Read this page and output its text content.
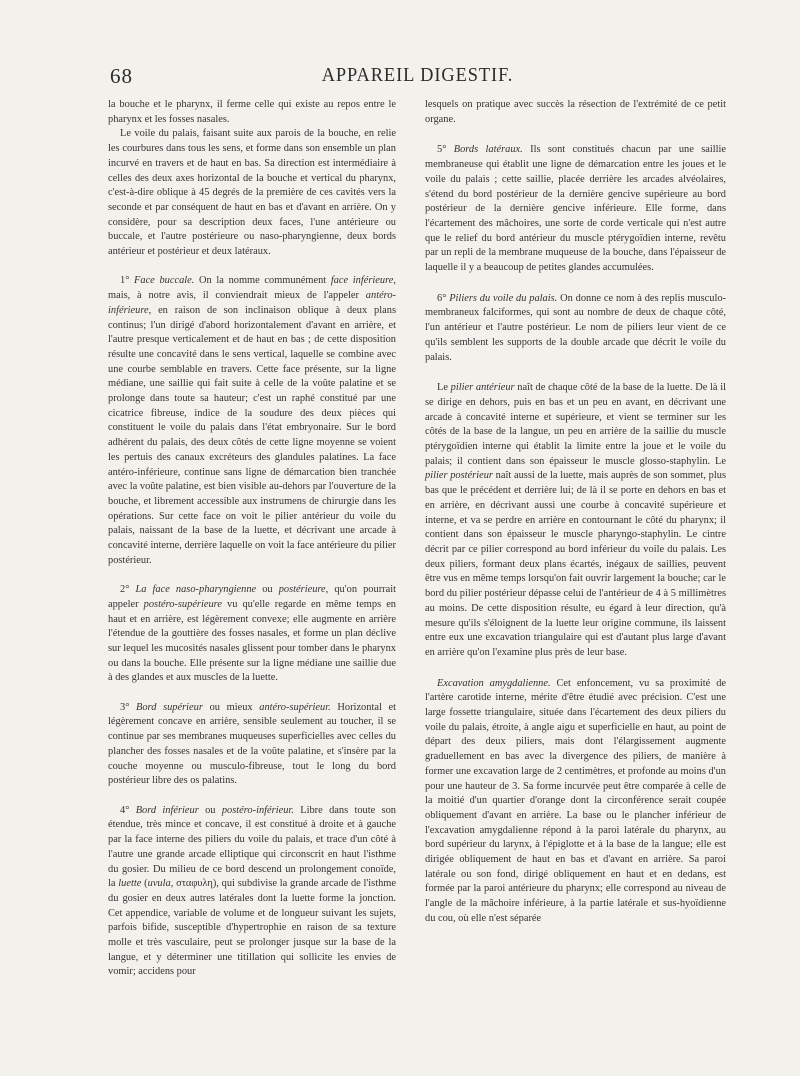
68	APPAREIL DIGESTIF.

la bouche et le pharynx, il ferme celle qui existe au repos entre le pharynx et les fosses nasales.

Le voile du palais, faisant suite aux parois de la bouche, en relie les courbures dans tous les sens, et forme dans son ensemble un plan incurvé en travers et de haut en bas. Sa direction est intermédiaire à celles des deux axes horizontal de la bouche et vertical du pharynx, c'est-à-dire oblique à 45 degrés de la première de ces cavités vers la seconde et par conséquent de haut en bas et d'avant en arrière. On y considère, pour sa description deux faces, l'une antérieure ou buccale, et l'autre postérieure ou naso-pharyngienne, deux bords antérieur et postérieur et deux latéraux.

1° Face buccale. On la nomme communément face inférieure, mais, à notre avis, il conviendrait mieux de l'appeler antéro-inférieure, en raison de son inclinaison oblique à deux plans continus; l'un dirigé d'abord horizontalement d'avant en arrière, et l'autre presque verticalement et de haut en bas ; de cette disposition résulte une concavité dans le sens vertical, laquelle se combine avec une courbe semblable en travers. Cette face présente, sur la ligne médiane, une saillie qui fait suite à celle de la voûte palatine et se prolonge dans toute sa hauteur; c'est un raphé constitué par une cicatrice fibreuse, indice de la soudure des deux pièces qui constituent le voile du palais dans l'état embryonaire. Sur le bord adhérent du palais, des deux côtés de cette ligne moyenne se voient les pertuis des canaux excréteurs des glandules palatines. La face antéro-inférieure, continue sans ligne de démarcation bien tranchée avec la voûte palatine, est bien visible au-dehors par l'ouverture de la bouche, et librement accessible aux instrumens de chirurgie dans les opérations. Sur cette face on voit le pilier antérieur du voile du palais, naissant de la base de la luette, et décrivant une arcade à concavité interne, derrière laquelle on voit la face antérieure du pilier postérieur.

2° La face naso-pharyngienne ou postérieure, qu'on pourrait appeler postéro-supérieure vu qu'elle regarde en même temps en haut et en arrière, est légèrement convexe; elle augmente en arrière l'étendue de la gouttière des fosses nasales, et forme un plan déclive sur lequel les mucosités nasales glissent pour tomber dans le pharynx ou dans la bouche. Elle présente sur la ligne médiane une saillie due à des glandes et aux muscles de la luette.

3° Bord supérieur ou mieux antéro-supérieur. Horizontal et légèrement concave en arrière, sensible seulement au toucher, il se continue par ses membranes muqueuses superficielles avec celles du plancher des fosses nasales et de la voûte palatine, et s'insère par la couche moyenne ou musculo-fibreuse, tout le long du bord postérieur libre des os palatins.

4° Bord inférieur ou postéro-inférieur. Libre dans toute son étendue, très mince et concave, il est constitué à droite et à gauche par la face interne des piliers du voile du palais, et trace d'un côté à l'autre une grande arcade elliptique qui circonscrit en haut l'isthme du gosier. Du milieu de ce bord descend un prolongement conoïde, la luette (uvula, σταφυλη), qui subdivise la grande arcade de l'isthme du gosier en deux autres latérales dont la luette forme la jonction. Cet appendice, variable de volume et de longueur suivant les sujets, parfois bifide, susceptible d'hypertrophie en raison de sa texture molle et très vasculaire, peut se prolonger jusque sur la base de la langue, et y déterminer une titillation qui sollicite les envies de vomir; accidens pour

lesquels on pratique avec succès la résection de l'extrémité de ce petit organe.

5° Bords latéraux. Ils sont constitués chacun par une saillie membraneuse qui établit une ligne de démarcation entre les joues et le voile du palais ; cette saillie, placée derrière les arcades alvéolaires, s'étend du bord postérieur de la dernière gencive supérieure au bord postérieur de la dernière gencive inférieure. Elle forme, dans l'écartement des mâchoires, une sorte de corde verticale qui n'est autre que le relief du bord antérieur du muscle ptérygoïdien interne, revêtu par un repli de la membrane muqueuse de la bouche, dans l'épaisseur de laquelle il y a beaucoup de petites glandes accumulées.

6° Piliers du voile du palais. On donne ce nom à des replis musculo-membraneux falciformes, qui sont au nombre de deux de chaque côté, l'un antérieur et l'autre postérieur. Le nom de piliers leur vient de ce qu'ils semblent les supports de la double arcade que décrit le voile du palais.

Le pilier antérieur naît de chaque côté de la base de la luette. De là il se dirige en dehors, puis en bas et un peu en avant, en décrivant une arcade à concavité interne et supérieure, et vient se terminer sur les côtés de la base de la langue, un peu en arrière de la saillie du muscle ptérygoïdien interne qui établit la limite entre la joue et le voile du palais; il contient dans son épaisseur le muscle glosso-staphylin. Le pilier postérieur naît aussi de la luette, mais auprès de son sommet, plus bas que le précédent et derrière lui; de là il se porte en dehors en bas et en arrière, en décrivant aussi une courbe à concavité supérieure et interne, et va se perdre en arrière en contournant le côté du pharynx; il contient dans son épaisseur le muscle pharyngo-staphylin. Le cintre décrit par ce pilier correspond au bord inférieur du voile du palais. Les deux piliers, formant deux plans écartés, inégaux de saillies, peuvent être vus en même temps lorsqu'on fait ouvrir largement la bouche; car le bord du pilier postérieur dépasse celui de l'antérieur de 4 à 5 millimètres au moins. De cette disposition résulte, eu égard à leur direction, qu'à mesure qu'ils s'éloignent de la luette leur origine commune, ils laissent entre eux une excavation triangulaire qui est d'autant plus large d'avant en arrière qu'on l'examine plus près de leur base.

Excavation amygdalienne. Cet enfoncement, vu sa proximité de l'artère carotide interne, mérite d'être étudié avec précision. C'est une large fossette triangulaire, située dans l'écartement des deux piliers du voile du palais, étroite, à angle aigu et superficielle en haut, au point de départ des deux piliers, mais dont l'élargissement augmente graduellement en bas avec la divergence des piliers, de manière à former une excavation large de 2 centimètres, et profonde au moins d'un pour une hauteur de 3. Sa forme incurvée peut être comparée à celle de la moitié d'un quartier d'orange dont la circonférence serait coupée obliquement d'avant en arrière. La base ou le plancher inférieur de l'excavation amygdalienne répond à la paroi latérale du pharynx, au bord supérieur du larynx, à l'épiglotte et à la base de la langue; elle est dirigée obliquement de haut en bas et d'avant en arrière. Sa paroi latérale ou son fond, dirigé obliquement en haut et en dedans, est formée par la paroi antérieure du pharynx; elle correspond au niveau de l'angle de la mâchoire inférieure, à la partie latérale et sus-hyoïdienne du cou, où elle n'est séparée
